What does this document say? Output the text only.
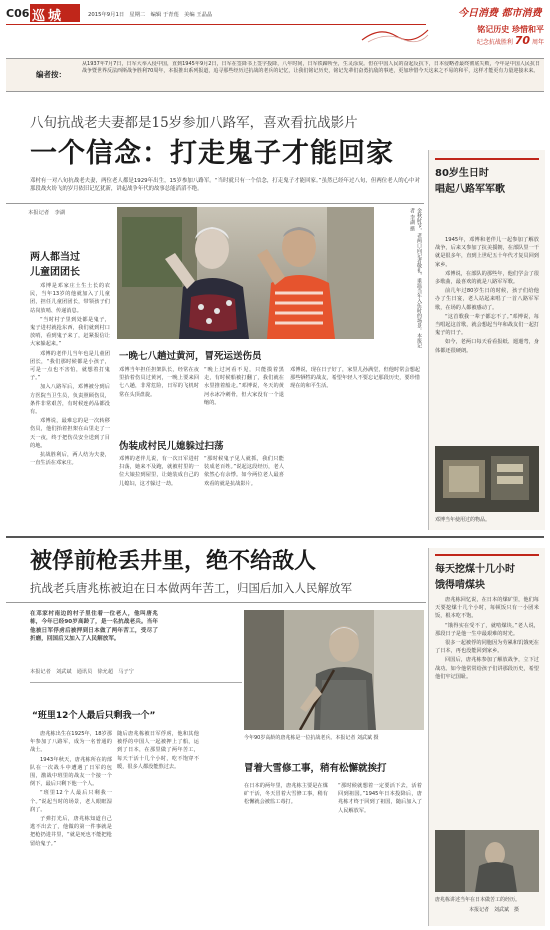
C06 巡城	2015年9月1日　星期二　编辑 于青莲　美编 王晶晶	今日消费 都市消费
铭记历史 珍惜和平
纪念抗战胜利 70 周年
编者按：
从1937年7月7日，日军大举入侵中国，直到1945年9月2日，日军在签降书上签字投降，八年时间，日军铁蹄所至，生灵涂炭。但在中国人民的奋起反抗下，日本侵略者最终彻底失败，今年是中国人民抗日战争暨世界反法西斯战争胜利70周年，本报推出系列报道，追寻那些经历过抗战的老兵的记忆，让我们铭记历史，铭记先辈们奋勇抗敌的事迹，更加珍惜今天这来之不易的和平，这样才能更有力量迎接未来。
八旬抗战老夫妻都是15岁参加八路军，喜欢看抗战影片
一个信念：打走鬼子才能回家
邓村有一对八旬抗战老夫妻，两位老人都是1929年出生，15岁参加八路军。“当时就只有一个信念，打走鬼子才能回家。”虽然已经年过八旬，但两位老人的心中对那段战火纷飞的岁月依旧记忆犹新，讲起战争年代的故事总能滔滔不绝。
本报记者　李湖
两人都当过
儿童团团长

邓博是邓家庄土生土长的农民，当年13岁的他就加入了儿童团，担任儿童团团长，带领孩子们站岗放哨、传递消息。

“当时村子里到处都是鬼子，鬼子进村就抢东西，我们就到村口放哨，看到鬼子来了，赶紧报信让大家躲起来。”

邓博的老伴儿当年也是儿童团团长，“我们那时候都是小孩子，可是一点也不害怕，就想着打鬼子。”

加入八路军后，邓博被分到后方医院当卫生员，负责照顾伤员，条件非常艰苦，有时候连药品都没有。

邓博说，最难忘的是一次转移伤员，他们抬着担架在山里走了一天一夜，终于把伤员安全送到了目的地。

抗战胜利后，两人结为夫妻，一直生活在邓家庄。

金秋时节，老两口向记者敬礼，重温当年入伍时的场景。本报记者 李湖 摄
一晚七八趟过黄河，冒死运送伤员
邓博当年担任担架队长，经常在夜里抬着伤员过黄河，一晚上要来回七八趟，非常危险，日军的飞机时常在头顶盘旋。
“晚上过河看不见，只能摸着黑走，有时候船被打翻了，我们就在水里推着船走。”邓博说，冬天的黄河水冰冷刺骨，但大家没有一个退缩的。
伪装成村民儿媳躲过扫荡
邓博的老伴儿说，有一次日军进村扫荡，她来不及跑，就被村里的一位大娘拉到屋里，让她装成自己的儿媳妇，这才躲过一劫。
“那时候鬼子见人就抓，我们只能装成老百姓。”说起这段经历，老人依然心有余悸。如今两位老人最喜欢看的就是抗战影片。
邓博说，现在日子好了，家里儿孙满堂，但他时常会想起那些牺牲的战友，希望年轻人不要忘记那段历史，要珍惜现在的和平生活。
80岁生日时
唱起八路军军歌

1945年，邓博和老伴儿一起参加了解放战争，后来又参加了抗美援朝，在部队里一干就是很多年，直到上世纪五十年代才复员回到家乡。

邓博说，在部队的那些年，他们学会了很多歌曲，最喜欢的就是八路军军歌。

前几年过80岁生日的时候，孩子们给他办了生日宴，老人站起来唱了一首八路军军歌，在场的人都被感动了。

“这首歌我一辈子都忘不了。”邓博说，每当唱起这首歌，就会想起当年和战友们一起打鬼子的日子。

如今，老两口每天看看报纸、遛遛弯，身体都还很硬朗。

邓博当年使用过的物品。
被俘前枪丢井里，绝不给敌人
抗战老兵唐兆栋被迫在日本做两年苦工，归国后加入人民解放军
在邓家村南边的村子里住着一位老人，他叫唐兆栋，今年已经90岁高龄了，是一名抗战老兵。当年他被日军俘虏后被押到日本做了两年苦工，受尽了折磨，回国后又加入了人民解放军。
本报记者　刘武斌　通讯员　徐允超　马子宁
“班里12个人最后只剩我一个”

唐兆栋出生在1925年，18岁那年参加了八路军，成为一名普通的战士。

1943年秋天，唐兆栋所在的部队在一次战斗中遭遇了日军的包围，激战中班里的战友一个接一个倒下，最后只剩下他一个人。

“班里12个人最后只剩我一个。”说起当时的场景，老人眼眶湿润了。

子弹打光后，唐兆栋知道自己逃不出去了，他做的第一件事就是把枪扔进井里，“就是死也不能把枪留给鬼子。”

随后唐兆栋被日军俘虏，他和其他被俘的中国人一起被押上了船，运到了日本，在那里做了两年苦工，每天干活十几个小时，吃不饱穿不暖，很多人都没能熬过去。
今年90岁高龄的唐兆栋是一位抗战老兵。本报记者 刘武斌 摄
冒着大雪修工事，稍有松懈就挨打
在日本的两年里，唐兆栋主要是在煤矿干活，冬天冒着大雪修工事，稍有松懈就会被监工毒打。
“那时候就想着一定要活下去，活着回到祖国。”1945年日本投降后，唐兆栋才终于回到了祖国，随后加入了人民解放军。
每天挖煤十几小时
饿得啃煤块

唐兆栋回忆说，在日本的煤矿里，他们每天要挖煤十几个小时，每顿饭只有一小团米饭，根本吃不饱。

“饿得实在受不了，就啃煤块。”老人说，那段日子是他一生中最艰难的时光。

很多一起被俘的同胞因为劳累和饥饿死在了日本，再也没能回到家乡。

回国后，唐兆栋参加了解放战争，立下过战功。如今他常常给孩子们讲那段历史，希望他们牢记国耻。

唐兆栋讲述当年在日本做苦工的经历。
本报记者　刘武斌　摄
